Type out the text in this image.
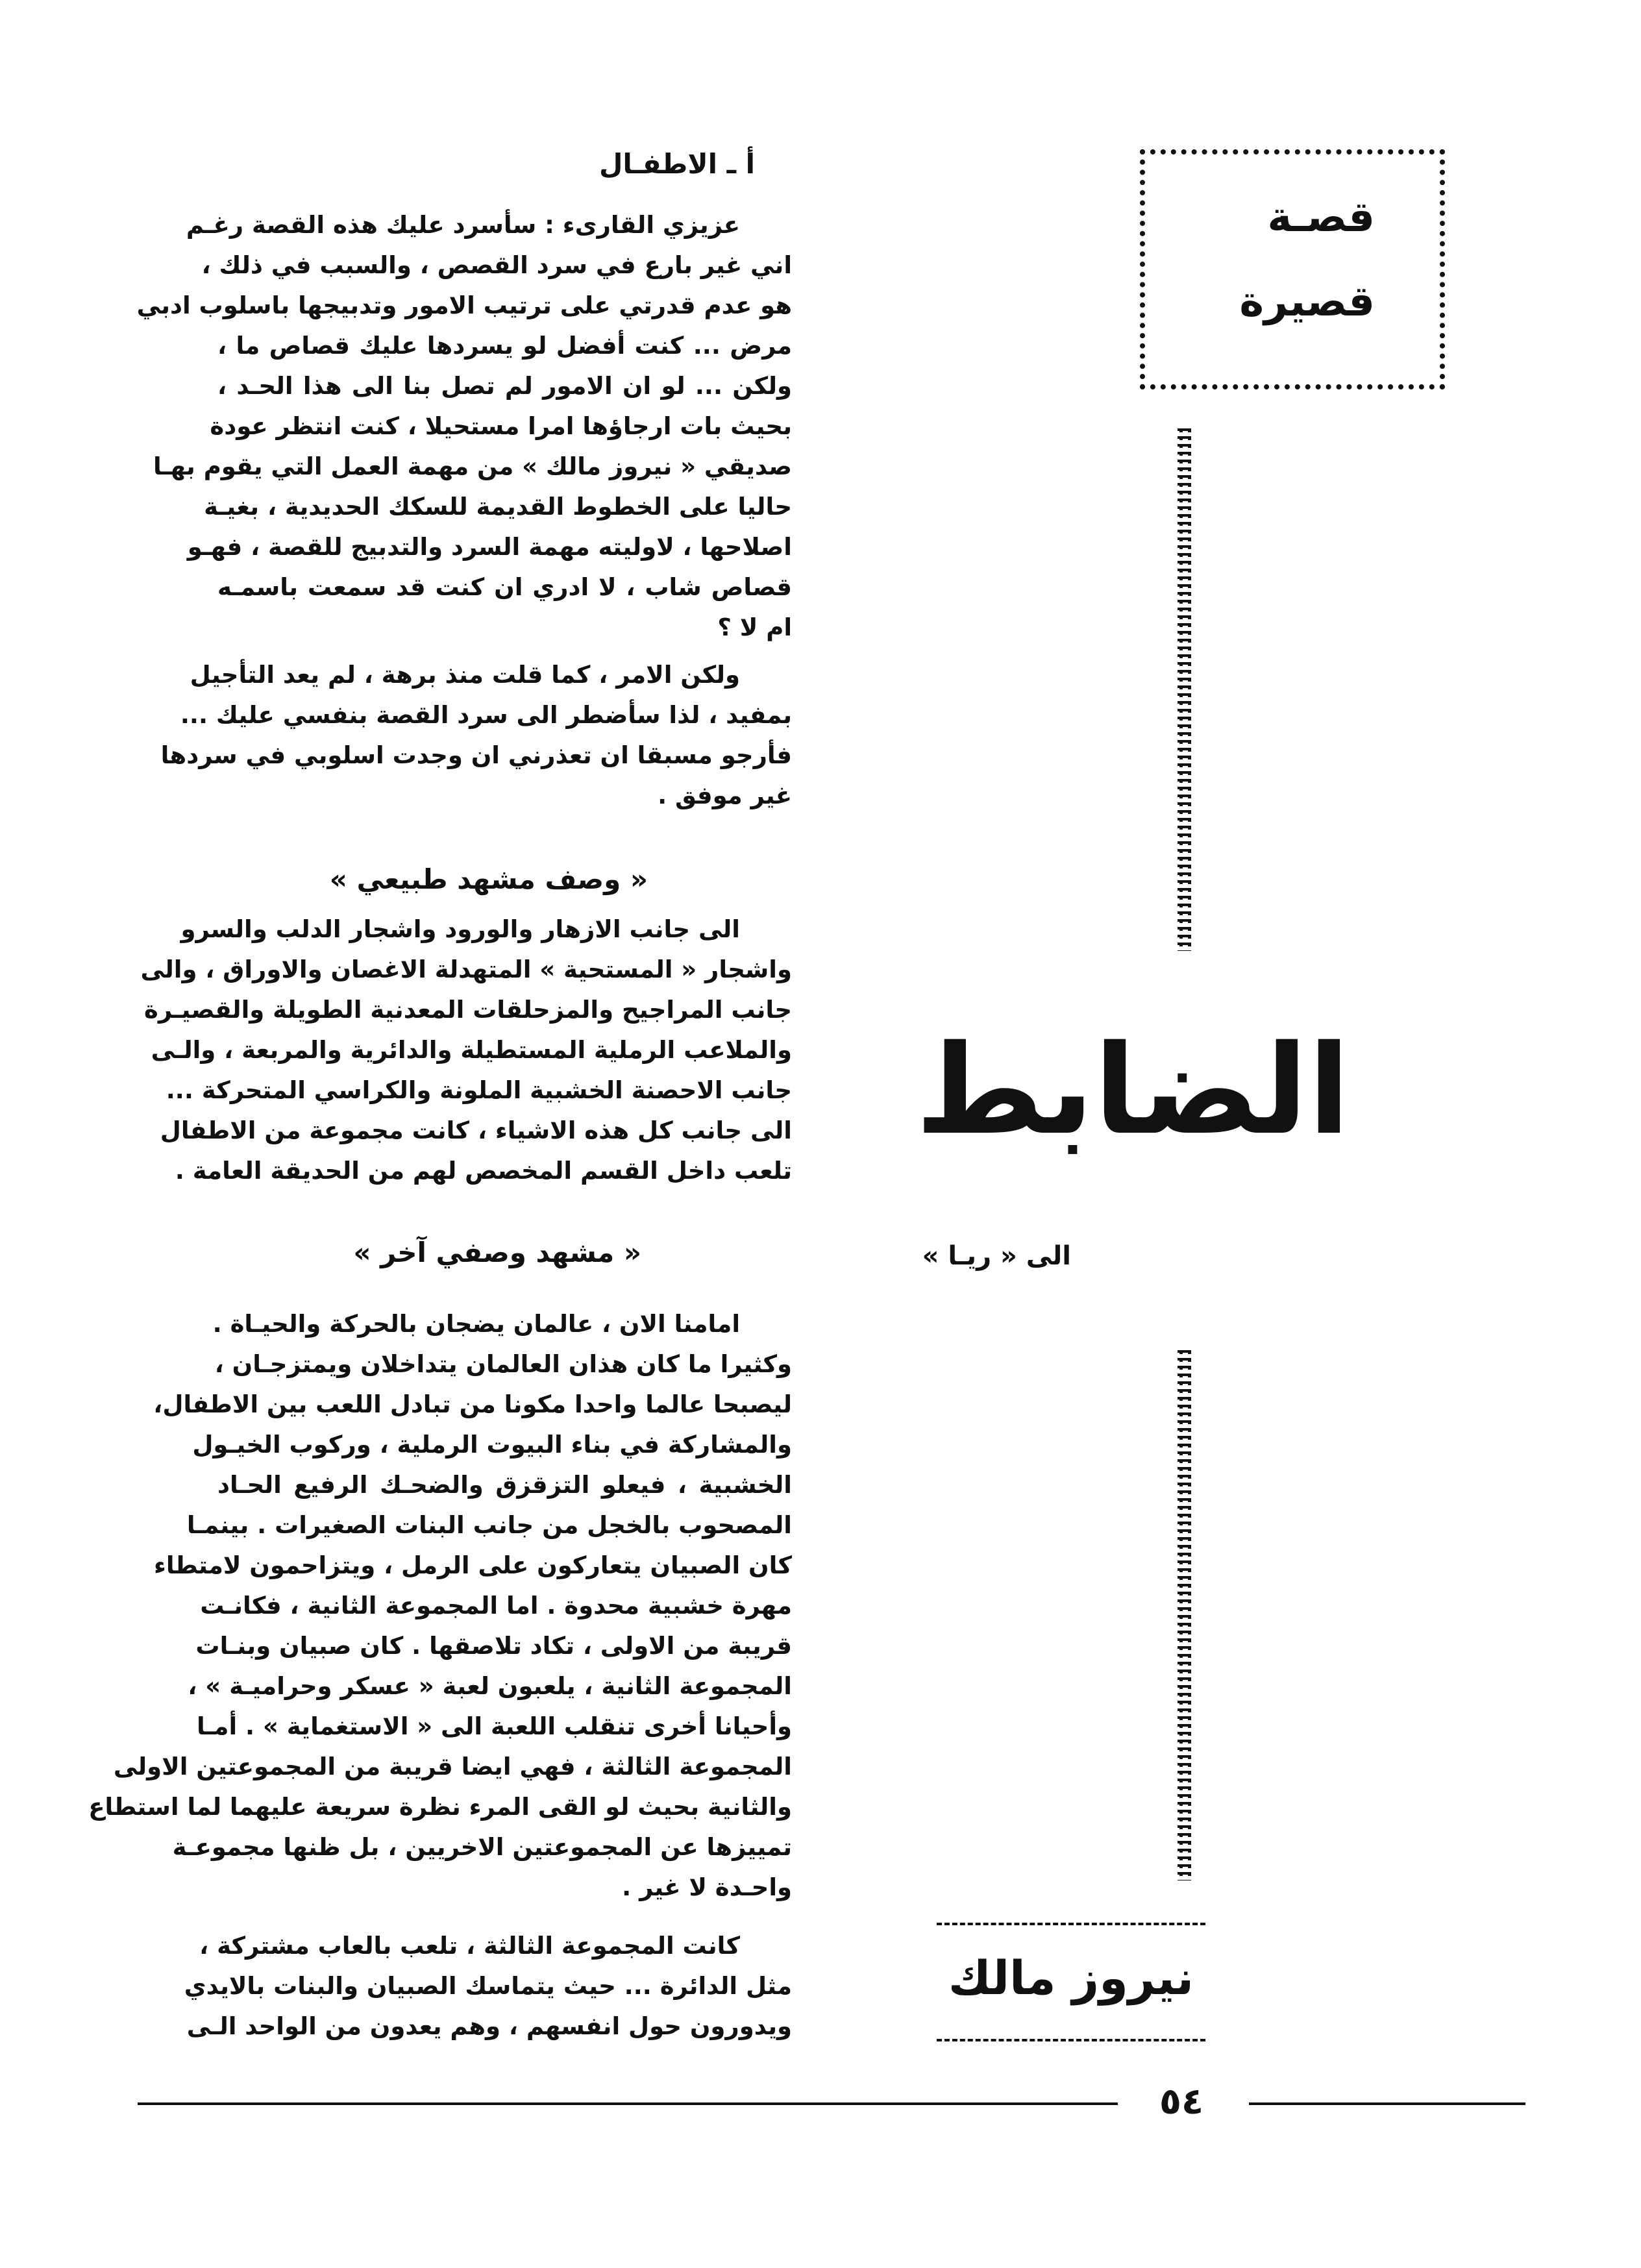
أ ـ الاطفـال
« وصف مشهد طبيعي »
« مشهد وصفي آخر »
عزيزي القارىء : سأسرد عليك هذه القصة رغـم
اني غير بارع في سرد القصص ، والسبب في ذلك ،
هو عدم قدرتي على ترتيب الامور وتدبيجها باسلوب ادبي
مرض ... كنت أفضل لو يسردها عليك قصاص ما ،
ولكن ... لو ان الامور لم تصل بنا الى هذا الحـد ،
بحيث بات ارجاؤها امرا مستحيلا ، كنت انتظر عودة
صديقي « نيروز مالك » من مهمة العمل التي يقوم بهـا
حاليا على الخطوط القديمة للسكك الحديدية ، بغيـة
اصلاحها ، لاوليته مهمة السرد والتدبيج للقصة ، فهـو
قصاص شاب ، لا ادري ان كنت قد سمعت باسمـه
ام لا ؟
ولكن الامر ، كما قلت منذ برهة ، لم يعد التأجيل
بمفيد ، لذا سأضطر الى سرد القصة بنفسي عليك ...
فأرجو مسبقا ان تعذرني ان وجدت اسلوبي في سردها
غير موفق .
الى جانب الازهار والورود واشجار الدلب والسرو
واشجار « المستحية » المتهدلة الاغصان والاوراق ، والى
جانب المراجيح والمزحلقات المعدنية الطويلة والقصيـرة
والملاعب الرملية المستطيلة والدائرية والمربعة ، والـى
جانب الاحصنة الخشبية الملونة والكراسي المتحركة ...
الى جانب كل هذه الاشياء ، كانت مجموعة من الاطفال
تلعب داخل القسم المخصص لهم من الحديقة العامة .
امامنا الان ، عالمان يضجان بالحركة والحيـاة .
وكثيرا ما كان هذان العالمان يتداخلان ويمتزجـان ،
ليصبحا عالما واحدا مكونا من تبادل اللعب بين الاطفال،
والمشاركة في بناء البيوت الرملية ، وركوب الخيـول
الخشبية ، فيعلو التزقزق والضحـك الرفيع الحـاد
المصحوب بالخجل من جانب البنات الصغيرات . بينمـا
كان الصبيان يتعاركون على الرمل ، ويتزاحمون لامتطاء
مهرة خشبية محدوة . اما المجموعة الثانية ، فكانـت
قريبة من الاولى ، تكاد تلاصقها . كان صبيان وبنـات
المجموعة الثانية ، يلعبون لعبة « عسكر وحراميـة » ،
وأحيانا أخرى تنقلب اللعبة الى « الاستغماية » . أمـا
المجموعة الثالثة ، فهي ايضا قريبة من المجموعتين الاولى
والثانية بحيث لو القى المرء نظرة سريعة عليهما لما استطاع
تمييزها عن المجموعتين الاخريين ، بل ظنها مجموعـة
واحـدة لا غير .
كانت المجموعة الثالثة ، تلعب بالعاب مشتركة ،
مثل الدائرة ... حيث يتماسك الصبيان والبنات بالايدي
ويدورون حول انفسهم ، وهم يعدون من الواحد الـى
قصـة
قصيرة
الضابط
الى « ريـا »
نيروز مالك
٥٤
